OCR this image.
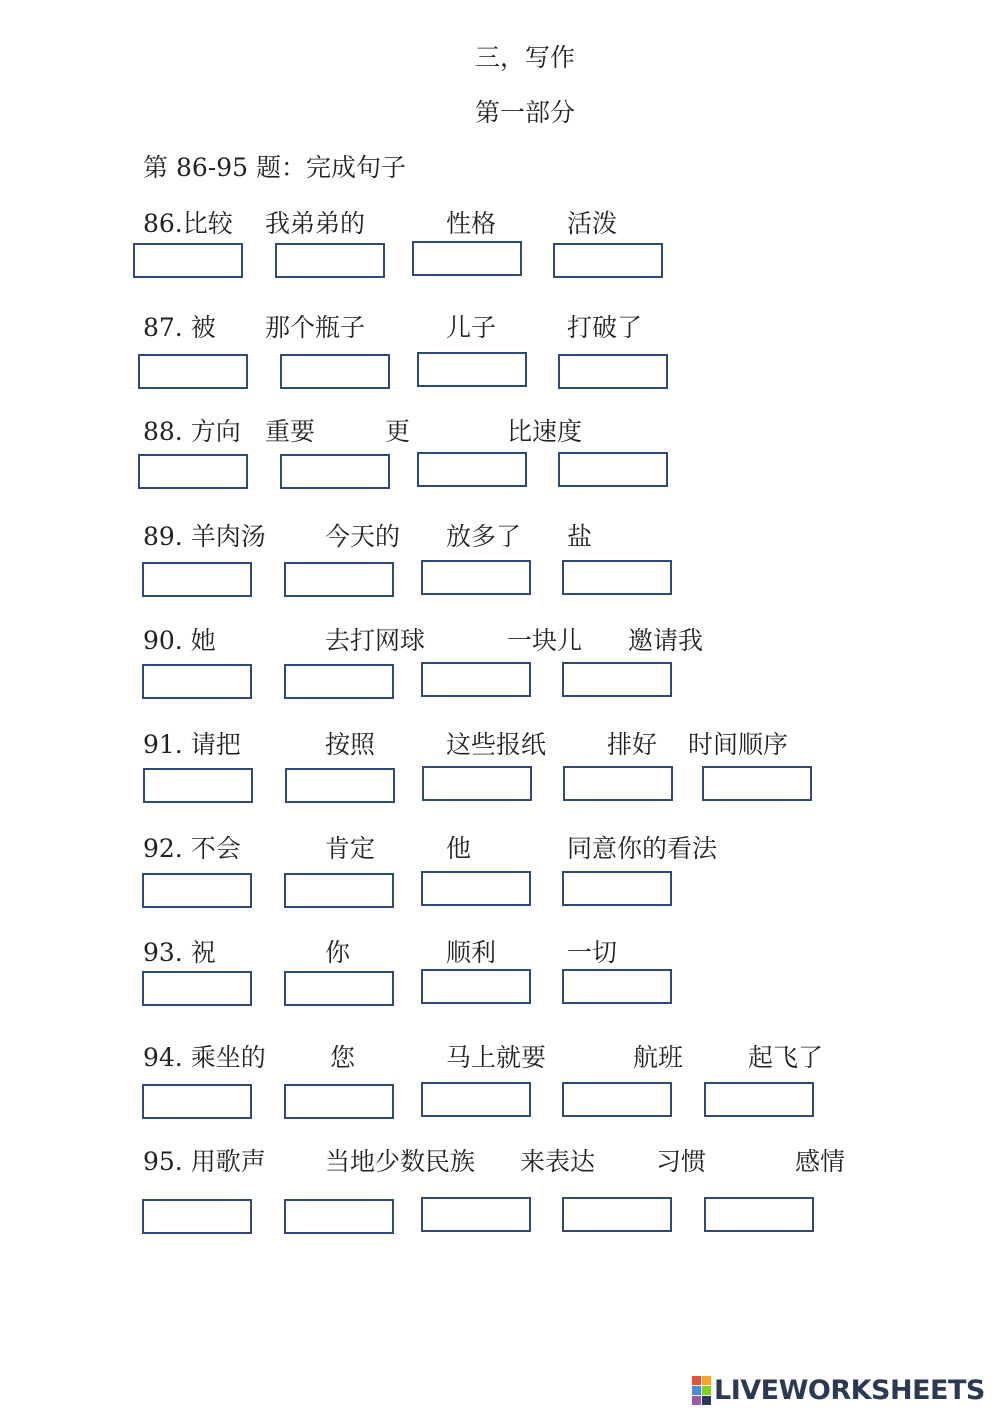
三，写作
第一部分
第 86-95 题：完成句子
86.比较 我弟弟的	性格	活泼
87. 被 那个瓶子	儿子	打破了
88. 方向 重要	更	比速度
89. 羊肉汤 今天的 放多了 盐
90. 她	去打网球	一块儿 邀请我
91. 请把	按照	这些报纸 排好 时间顺序
92. 不会	肯定	他	同意你的看法
93. 祝	你	顺利	一切
94. 乘坐的	您	马上就要	航班	起飞了
95. 用歌声 当地少数民族 来表达 习惯	感情
LIVEWORKSHEETS
